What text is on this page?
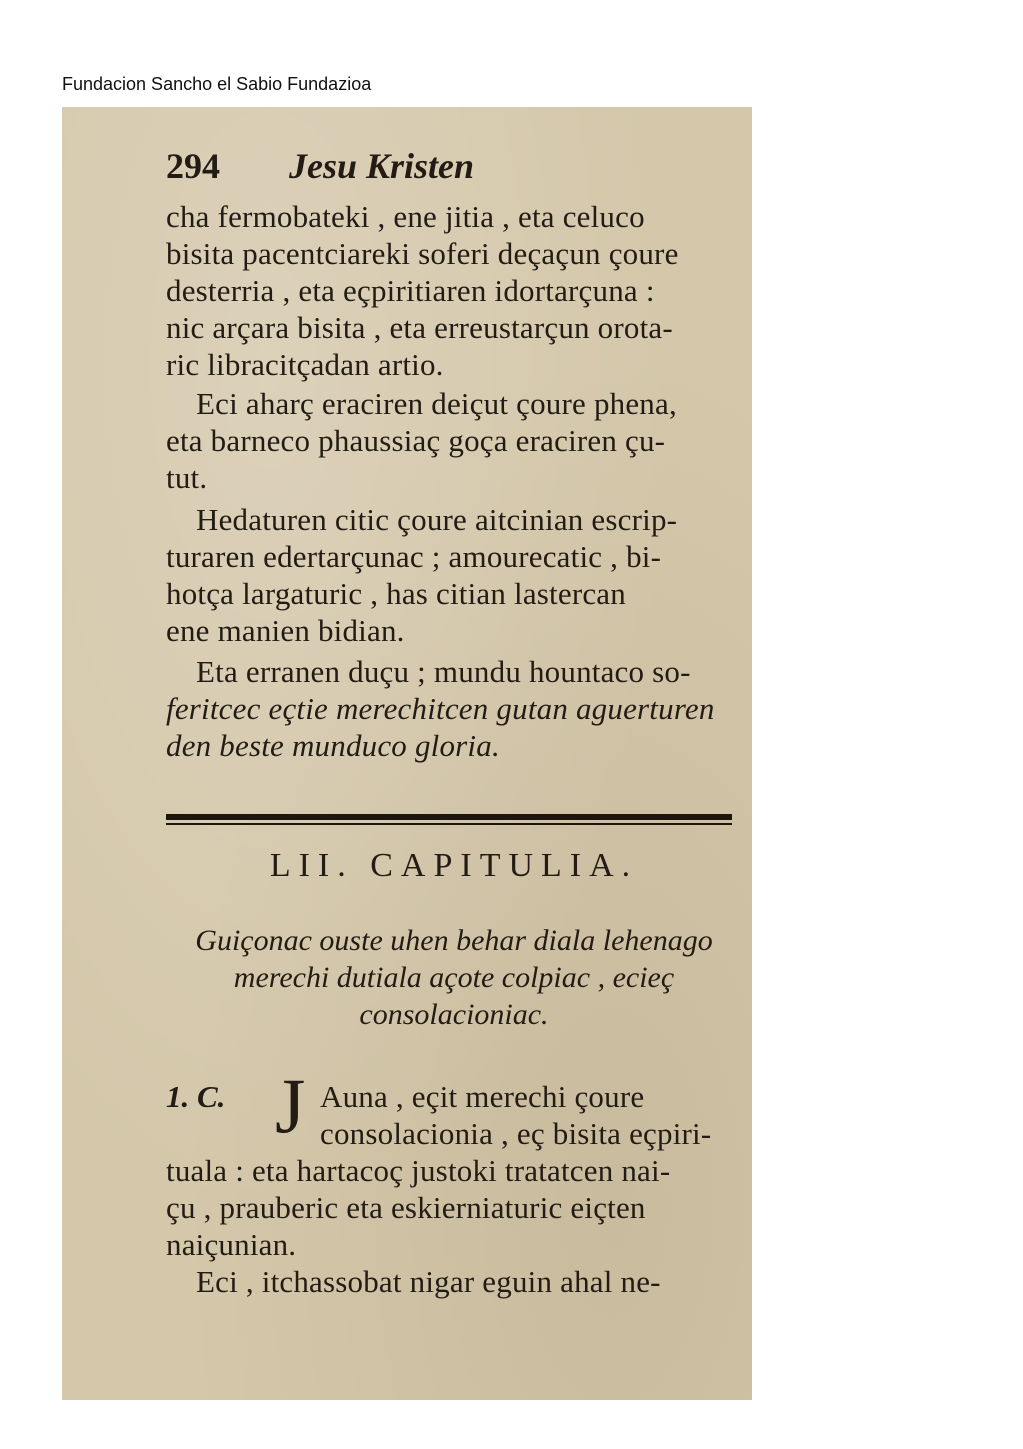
Fundacion Sancho el Sabio Fundazioa
294 Jesu Kristen
cha fermobateki , ene jitia , eta celuco
bisita pacentciareki soferi deçaçun çoure
desterria , eta eçpiritiaren idortarçuna :
nic arçara bisita , eta erreustarçun orota-
ric libracitçadan artio.
Eci aharç eraciren deiçut çoure phena,
eta barneco phaussiaç goça eraciren çu-
tut.
Hedaturen citic çoure aitcinian escrip-
turaren edertarçunac ; amourecatic , bi-
hotça largaturic , has citian lastercan
ene manien bidian.
Eta erranen duçu ; mundu hountaco so-
feritcec eçtie merechitcen gutan aguerturen
den beste munduco gloria.
LII. CAPITULIA.
Guiçonac ouste uhen behar diala lehenago
merechi dutiala açote colpiac , ecieç
consolacioniac.
1. C. J Auna , eçit merechi çoure
consolacionia , eç bisita eçpiri-
tuala : eta hartacoç justoki tratatcen nai-
çu , prauberic eta eskierniaturic eiçten
naiçunian.
Eci , itchassobat nigar eguin ahal ne-
